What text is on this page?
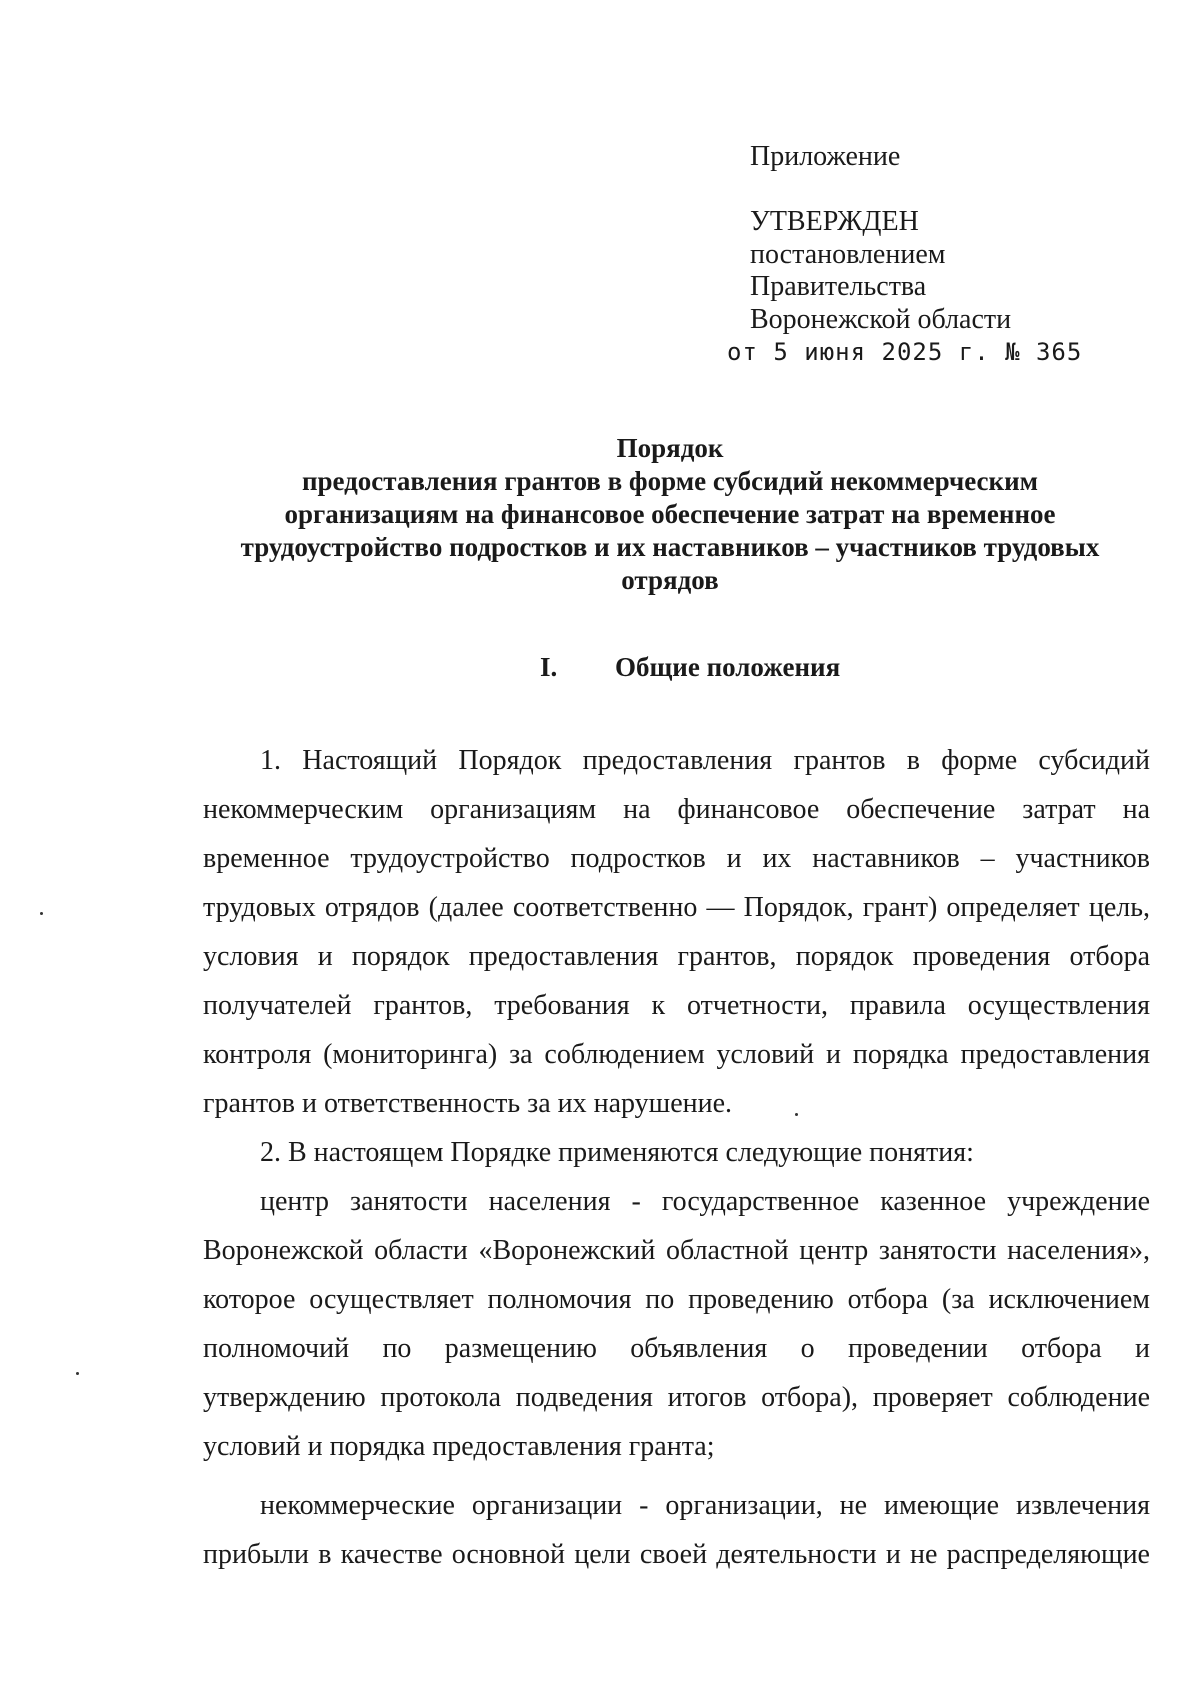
Приложение
УТВЕРЖДЕН
постановлением
Правительства
Воронежской области
от 5 июня 2025 г. № 365
Порядок
предоставления грантов в форме субсидий некоммерческим
организациям на финансовое обеспечение затрат на временное
трудоустройство подростков и их наставников – участников трудовых
отрядов
I. Общие положения
1. Настоящий Порядок предоставления грантов в форме субсидий
некоммерческим организациям на финансовое обеспечение затрат на
временное трудоустройство подростков и их наставников – участников
трудовых отрядов (далее соответственно — Порядок, грант) определяет цель,
условия и порядок предоставления грантов, порядок проведения отбора
получателей грантов, требования к отчетности, правила осуществления
контроля (мониторинга) за соблюдением условий и порядка предоставления
грантов и ответственность за их нарушение.
2. В настоящем Порядке применяются следующие понятия:
центр занятости населения - государственное казенное учреждение
Воронежской области «Воронежский областной центр занятости населения»,
которое осуществляет полномочия по проведению отбора (за исключением
полномочий по размещению объявления о проведении отбора и
утверждению протокола подведения итогов отбора), проверяет соблюдение
условий и порядка предоставления гранта;
некоммерческие организации - организации, не имеющие извлечения
прибыли в качестве основной цели своей деятельности и не распределяющие
